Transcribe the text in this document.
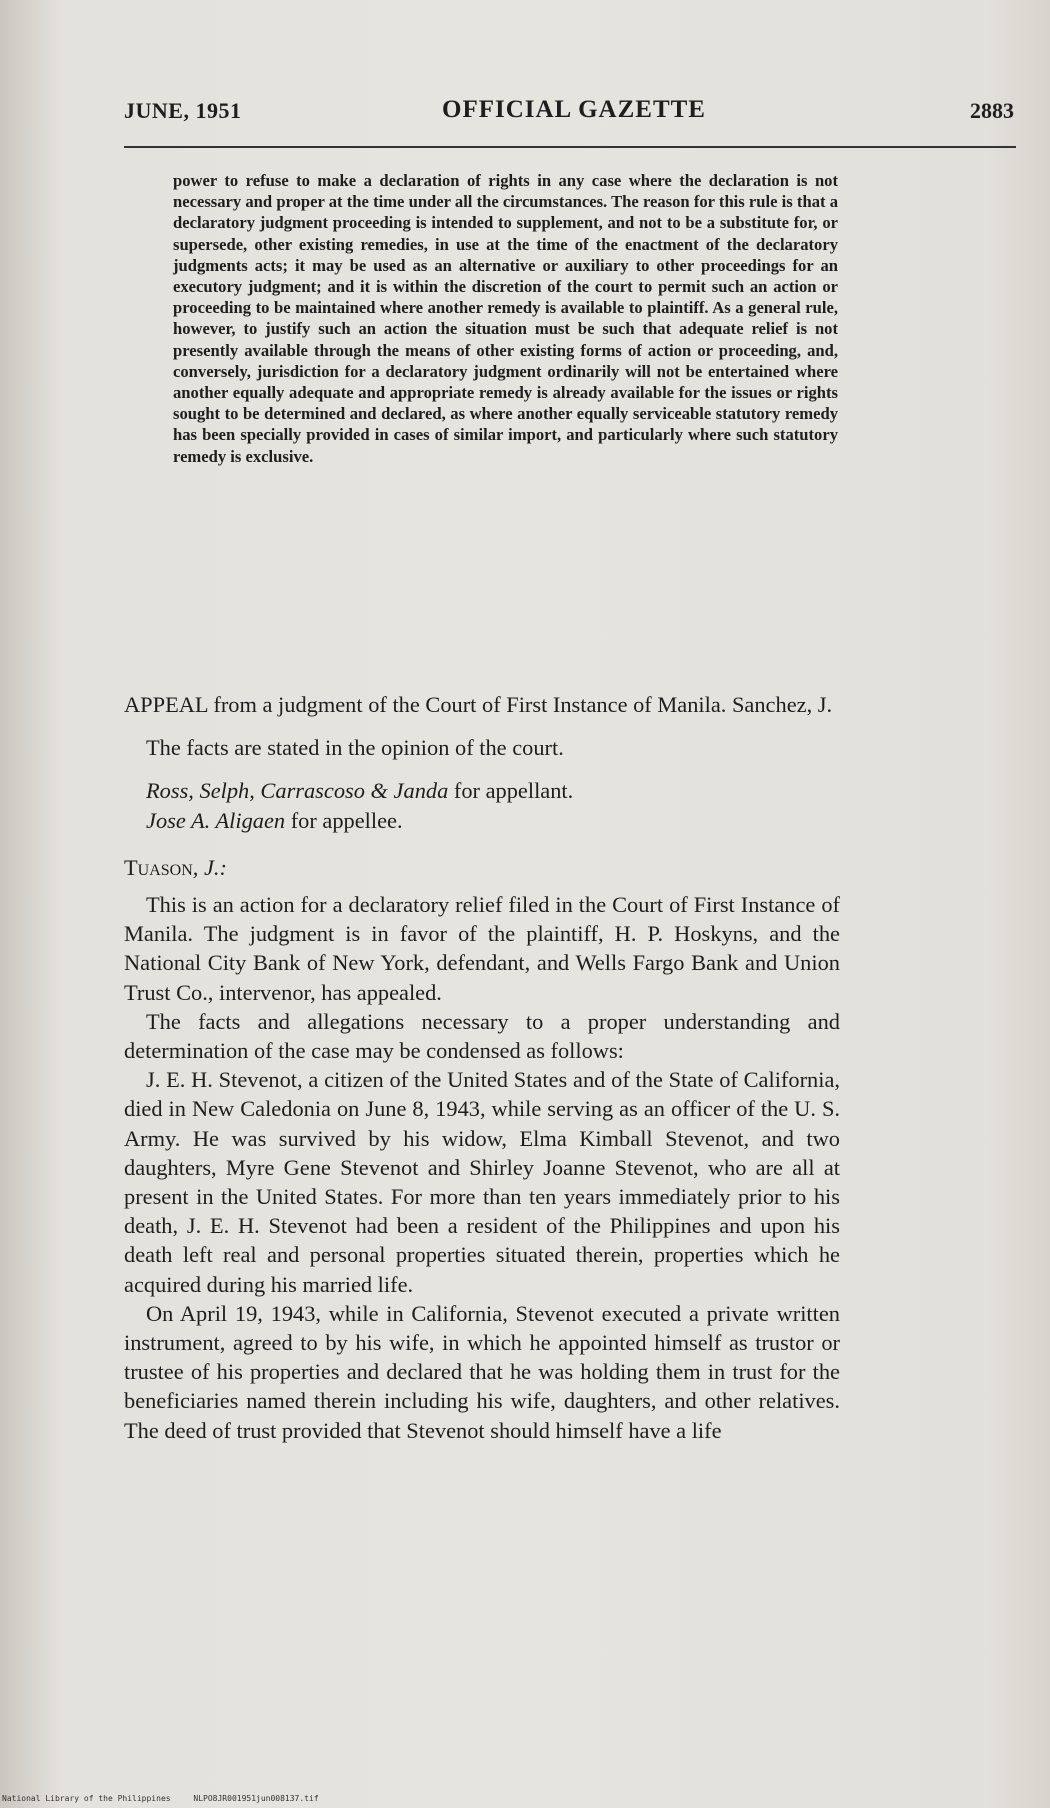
JUNE, 1951	OFFICIAL GAZETTE	2883

power to refuse to make a declaration of rights in any case where the declaration is not necessary and proper at the time under all the circumstances. The reason for this rule is that a declaratory judgment proceeding is intended to supplement, and not to be a substitute for, or supersede, other existing remedies, in use at the time of the enactment of the declaratory judgments acts; it may be used as an alternative or auxiliary to other proceedings for an executory judgment; and it is within the discretion of the court to permit such an action or proceeding to be maintained where another remedy is available to plaintiff. As a general rule, however, to justify such an action the situation must be such that adequate relief is not presently available through the means of other existing forms of action or proceeding, and, conversely, jurisdiction for a declaratory judgment ordinarily will not be entertained where another equally adequate and appropriate remedy is already available for the issues or rights sought to be determined and declared, as where another equally serviceable statutory remedy has been specially provided in cases of similar import, and particularly where such statutory remedy is exclusive.

APPEAL from a judgment of the Court of First Instance of Manila. Sanchez, J.

The facts are stated in the opinion of the court.

Ross, Selph, Carrascoso & Janda for appellant.

Jose A. Aligaen for appellee.

Tuason, J.:

This is an action for a declaratory relief filed in the Court of First Instance of Manila. The judgment is in favor of the plaintiff, H. P. Hoskyns, and the National City Bank of New York, defendant, and Wells Fargo Bank and Union Trust Co., intervenor, has appealed.

The facts and allegations necessary to a proper understanding and determination of the case may be condensed as follows:

J. E. H. Stevenot, a citizen of the United States and of the State of California, died in New Caledonia on June 8, 1943, while serving as an officer of the U. S. Army. He was survived by his widow, Elma Kimball Stevenot, and two daughters, Myre Gene Stevenot and Shirley Joanne Stevenot, who are all at present in the United States. For more than ten years immediately prior to his death, J. E. H. Stevenot had been a resident of the Philippines and upon his death left real and personal properties situated therein, properties which he acquired during his married life.

On April 19, 1943, while in California, Stevenot executed a private written instrument, agreed to by his wife, in which he appointed himself as trustor or trustee of his properties and declared that he was holding them in trust for the beneficiaries named therein including his wife, daughters, and other relatives. The deed of trust provided that Stevenot should himself have a life

National Library of the Philippines	NLPO8JR001951jun008137.tif
